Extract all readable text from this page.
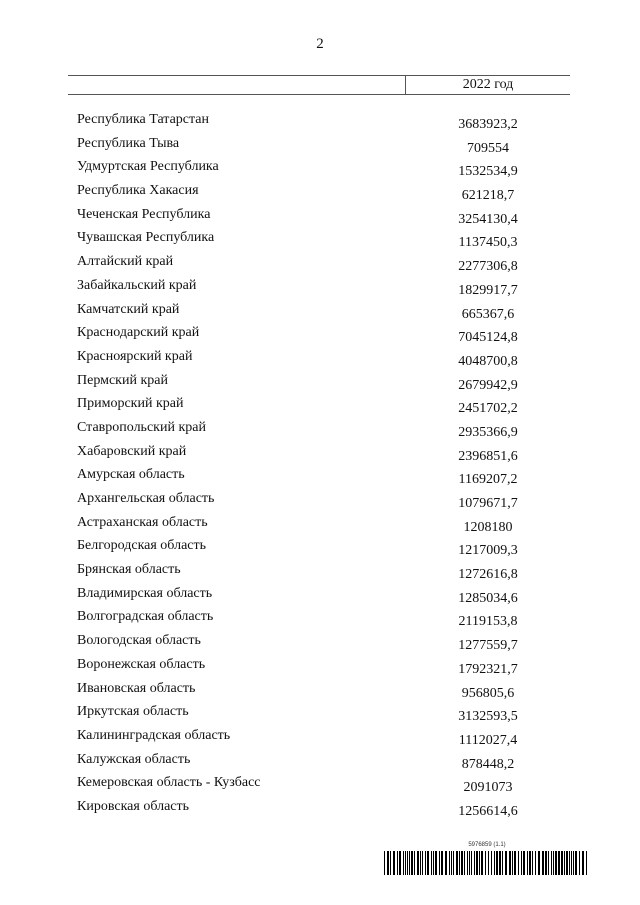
2
2022 год
Республика Татарстан	3683923,2
Республика Тыва	709554
Удмуртская Республика	1532534,9
Республика Хакасия	621218,7
Чеченская Республика	3254130,4
Чувашская Республика	1137450,3
Алтайский край	2277306,8
Забайкальский край	1829917,7
Камчатский край	665367,6
Краснодарский край	7045124,8
Красноярский край	4048700,8
Пермский край	2679942,9
Приморский край	2451702,2
Ставропольский край	2935366,9
Хабаровский край	2396851,6
Амурская область	1169207,2
Архангельская область	1079671,7
Астраханская область	1208180
Белгородская область	1217009,3
Брянская область	1272616,8
Владимирская область	1285034,6
Волгоградская область	2119153,8
Вологодская область	1277559,7
Воронежская область	1792321,7
Ивановская область	956805,6
Иркутская область	3132593,5
Калининградская область	1112027,4
Калужская область	878448,2
Кемеровская область - Кузбасс	2091073
Кировская область	1256614,6
5976859 (1.1)
